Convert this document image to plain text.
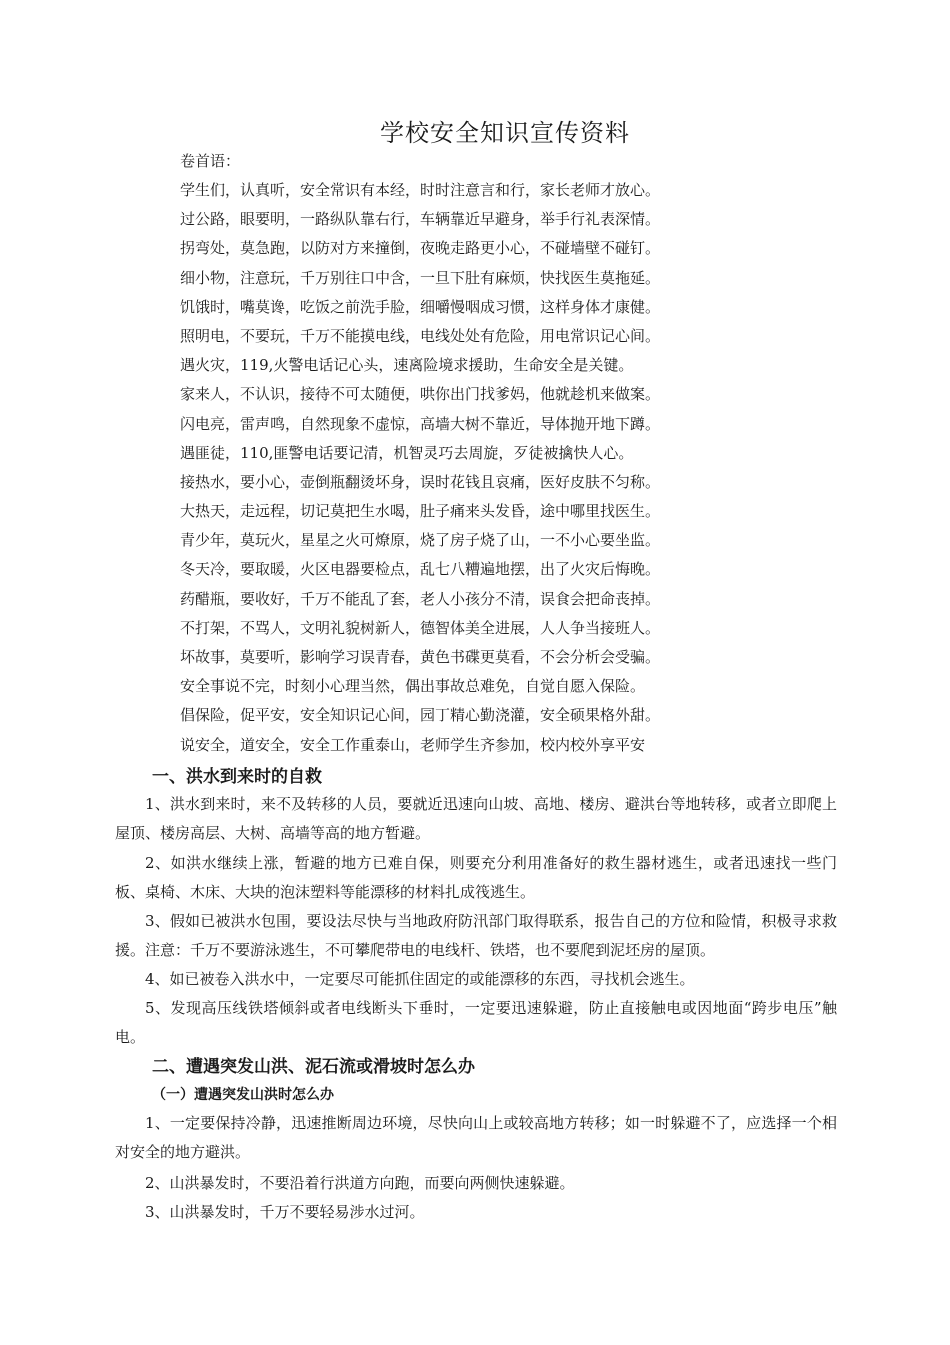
学校安全知识宣传资料
卷首语：
学生们，认真听，安全常识有本经，时时注意言和行，家长老师才放心。
过公路，眼要明，一路纵队靠右行，车辆靠近早避身，举手行礼表深情。
拐弯处，莫急跑，以防对方来撞倒，夜晚走路更小心，不碰墙壁不碰钉。
细小物，注意玩，千万别往口中含，一旦下肚有麻烦，快找医生莫拖延。
饥饿时，嘴莫谗，吃饭之前洗手脸，细嚼慢咽成习惯，这样身体才康健。
照明电，不要玩，千万不能摸电线，电线处处有危险，用电常识记心间。
遇火灾，119,火警电话记心头，速离险境求援助，生命安全是关键。
家来人，不认识，接待不可太随便，哄你出门找爹妈，他就趁机来做案。
闪电亮，雷声鸣，自然现象不虚惊，高墙大树不靠近，导体抛开地下蹲。
遇匪徒，110,匪警电话要记清，机智灵巧去周旋，歹徒被擒快人心。
接热水，要小心，壶倒瓶翻烫坏身，误时花钱且哀痛，医好皮肤不匀称。
大热天，走远程，切记莫把生水喝，肚子痛来头发昏，途中哪里找医生。
青少年，莫玩火，星星之火可燎原，烧了房子烧了山，一不小心要坐监。
冬天冷，要取暖，火区电器要检点，乱七八糟遍地摆，出了火灾后悔晚。
药醋瓶，要收好，千万不能乱了套，老人小孩分不清，误食会把命丧掉。
不打架，不骂人，文明礼貌树新人，德智体美全进展，人人争当接班人。
坏故事，莫要听，影响学习误青春，黄色书碟更莫看，不会分析会受骗。
安全事说不完，时刻小心理当然，偶出事故总难免，自觉自愿入保险。
倡保险，促平安，安全知识记心间，园丁精心勤浇灌，安全硕果格外甜。
说安全，道安全，安全工作重泰山，老师学生齐参加，校内校外享平安
一、洪水到来时的自救

1、洪水到来时，来不及转移的人员，要就近迅速向山坡、高地、楼房、避洪台等地转移，或者立即爬上屋顶、楼房高层、大树、高墙等高的地方暂避。

2、如洪水继续上涨，暂避的地方已难自保，则要充分利用准备好的救生器材逃生，或者迅速找一些门板、桌椅、木床、大块的泡沫塑料等能漂移的材料扎成筏逃生。

3、假如已被洪水包围，要设法尽快与当地政府防汛部门取得联系，报告自己的方位和险情，积极寻求救援。注意：千万不要游泳逃生，不可攀爬带电的电线杆、铁塔，也不要爬到泥坯房的屋顶。

4、如已被卷入洪水中，一定要尽可能抓住固定的或能漂移的东西，寻找机会逃生。

5、发现高压线铁塔倾斜或者电线断头下垂时，一定要迅速躲避，防止直接触电或因地面“跨步电压”触电。

二、遭遇突发山洪、泥石流或滑坡时怎么办
（一）遭遇突发山洪时怎么办

1、一定要保持冷静，迅速推断周边环境，尽快向山上或较高地方转移；如一时躲避不了，应选择一个相对安全的地方避洪。

2、山洪暴发时，不要沿着行洪道方向跑，而要向两侧快速躲避。

3、山洪暴发时，千万不要轻易涉水过河。
